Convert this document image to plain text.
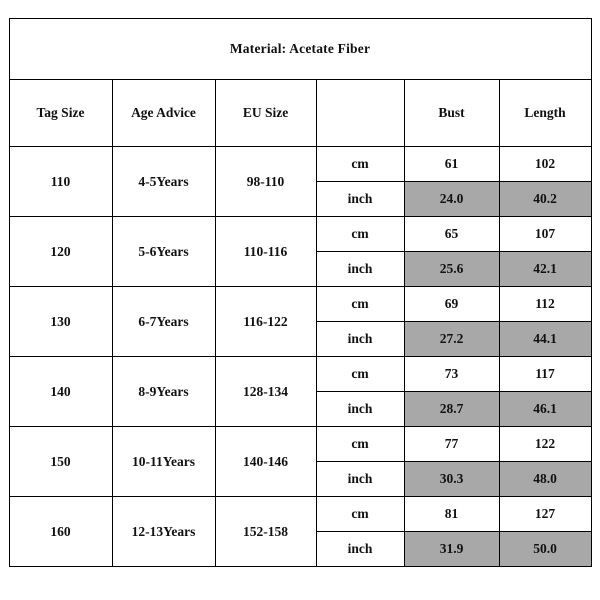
Material: Acetate Fiber					
Tag Size	Age Advice	EU Size		Bust	Length
110	4-5Years	98-110	cm	61	102
			inch	24.0	40.2
120	5-6Years	110-116	cm	65	107
			inch	25.6	42.1
130	6-7Years	116-122	cm	69	112
			inch	27.2	44.1
140	8-9Years	128-134	cm	73	117
			inch	28.7	46.1
150	10-11Years	140-146	cm	77	122
			inch	30.3	48.0
160	12-13Years	152-158	cm	81	127
			inch	31.9	50.0
